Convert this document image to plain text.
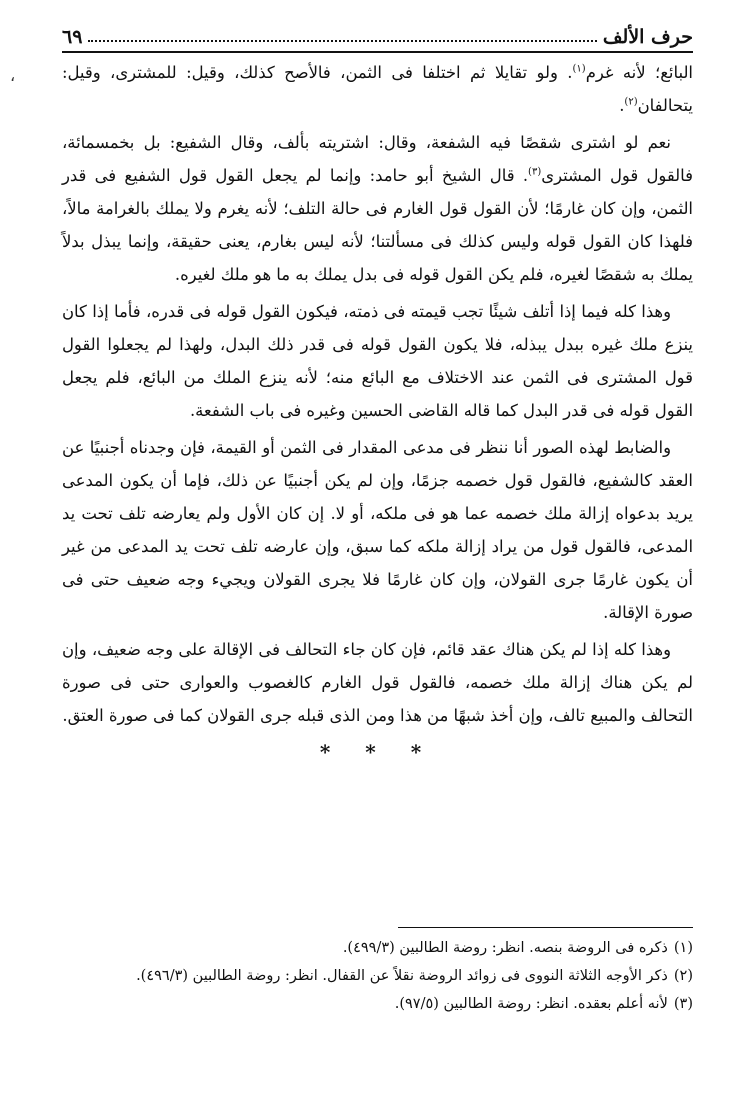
،
حرف الألف
٦٩

البائع؛ لأنه غرم$^{(١)}$. ولو تقايلا ثم اختلفا فى الثمن، فالأصح كذلك، وقيل: للمشترى، وقيل: يتحالفان$^{(٢)}$.

نعم لو اشترى شقصًا فيه الشفعة، وقال: اشتريته بألف، وقال الشفيع: بل بخمسمائة، فالقول قول المشترى$^{(٣)}$. قال الشيخ أبو حامد: وإنما لم يجعل القول قول الشفيع فى قدر الثمن، وإن كان غارمًا؛ لأن القول قول الغارم فى حالة التلف؛ لأنه يغرم ولا يملك بالغرامة مالاً، فلهذا كان القول قوله وليس كذلك فى مسألتنا؛ لأنه ليس بغارم، يعنى حقيقة، وإنما يبذل بدلاً يملك به شقصًا لغيره، فلم يكن القول قوله فى بدل يملك به ما هو ملك لغيره.

وهذا كله فيما إذا أتلف شيئًا تجب قيمته فى ذمته، فيكون القول قوله فى قدره، فأما إذا كان ينزع ملك غيره ببدل يبذله، فلا يكون القول قوله فى قدر ذلك البدل، ولهذا لم يجعلوا القول قول المشترى فى الثمن عند الاختلاف مع البائع منه؛ لأنه ينزع الملك من البائع، فلم يجعل القول قوله فى قدر البدل كما قاله القاضى الحسين وغيره فى باب الشفعة.

والضابط لهذه الصور أنا ننظر فى مدعى المقدار فى الثمن أو القيمة، فإن وجدناه أجنبيًا عن العقد كالشفيع، فالقول قول خصمه جزمًا، وإن لم يكن أجنبيًا عن ذلك، فإما أن يكون المدعى يريد بدعواه إزالة ملك خصمه عما هو فى ملكه، أو لا. إن كان الأول ولم يعارضه تلف تحت يد المدعى، فالقول قول من يراد إزالة ملكه كما سبق، وإن عارضه تلف تحت يد المدعى من غير أن يكون غارمًا جرى القولان، وإن كان غارمًا فلا يجرى القولان ويجيء وجه ضعيف حتى فى صورة الإقالة.

وهذا كله إذا لم يكن هناك عقد قائم، فإن كان جاء التحالف فى الإقالة على وجه ضعيف، وإن لم يكن هناك إزالة ملك خصمه، فالقول قول الغارم كالغصوب والعوارى حتى فى صورة التحالف والمبيع تالف، وإن أخذ شبهًا من هذا ومن الذى قبله جرى القولان كما فى صورة العتق.

* * *
(١)
ذكره فى الروضة بنصه. انظر: روضة الطالبين (٤٩٩/٣).
(٢)
ذكر الأوجه الثلاثة النووى فى زوائد الروضة نقلاً عن القفال. انظر: روضة الطالبين (٤٩٦/٣).
(٣)
لأنه أعلم بعقده. انظر: روضة الطالبين (٩٧/٥).
